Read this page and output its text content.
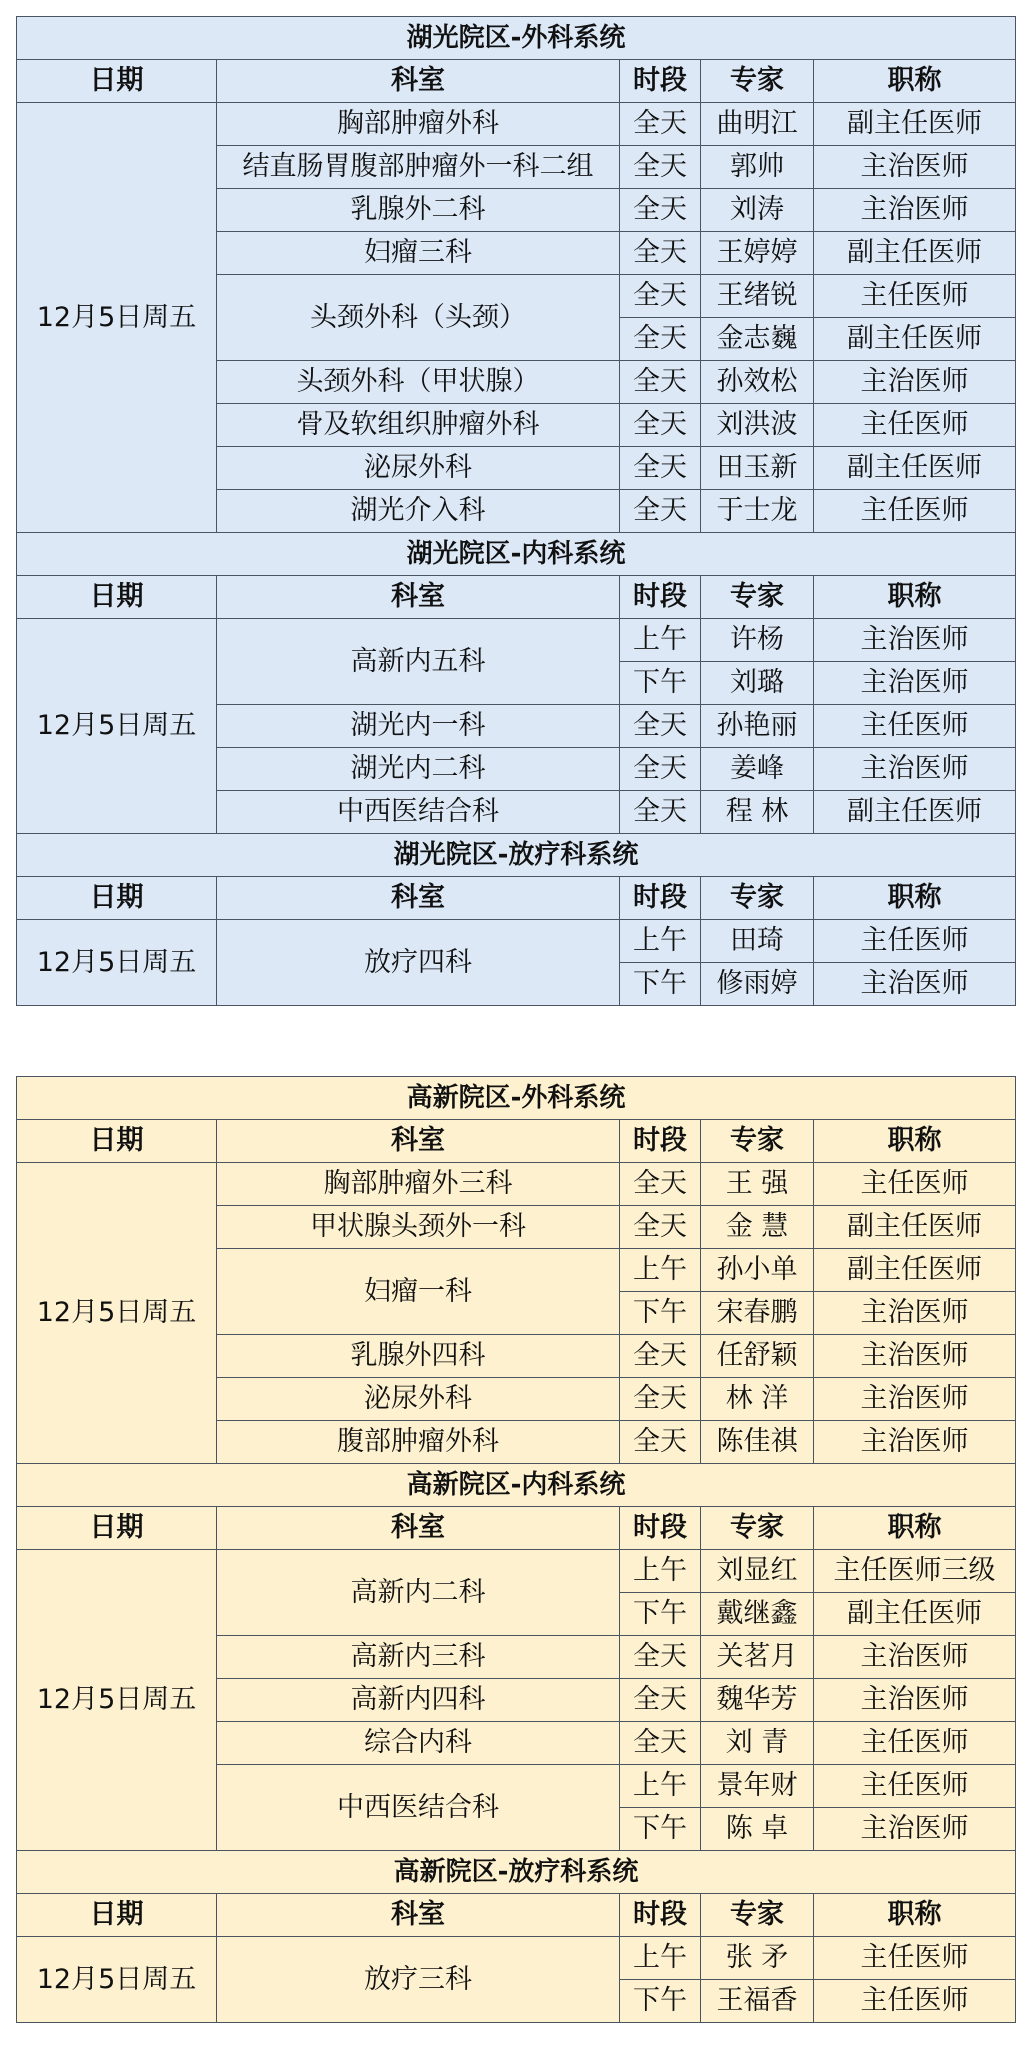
湖光院区-外科系统				
日期	科室	时段	专家	职称
12月5日周五	胸部肿瘤外科	全天	曲明江	副主任医师
	结直肠胃腹部肿瘤外一科二组	全天	郭帅	主治医师
	乳腺外二科	全天	刘涛	主治医师
	妇瘤三科	全天	王婷婷	副主任医师
	头颈外科（头颈）	全天	王绪锐	主任医师
		全天	金志巍	副主任医师
	头颈外科（甲状腺）	全天	孙效松	主治医师
	骨及软组织肿瘤外科	全天	刘洪波	主任医师
	泌尿外科	全天	田玉新	副主任医师
	湖光介入科	全天	于士龙	主任医师
湖光院区-内科系统				
日期	科室	时段	专家	职称
12月5日周五	高新内五科	上午	许杨	主治医师
		下午	刘璐	主治医师
	湖光内一科	全天	孙艳丽	主任医师
	湖光内二科	全天	姜峰	主治医师
	中西医结合科	全天	程 林	副主任医师
湖光院区-放疗科系统				
日期	科室	时段	专家	职称
12月5日周五	放疗四科	上午	田琦	主任医师
		下午	修雨婷	主治医师
高新院区-外科系统				
日期	科室	时段	专家	职称
12月5日周五	胸部肿瘤外三科	全天	王 强	主任医师
	甲状腺头颈外一科	全天	金 慧	副主任医师
	妇瘤一科	上午	孙小单	副主任医师
		下午	宋春鹏	主治医师
	乳腺外四科	全天	任舒颖	主治医师
	泌尿外科	全天	林 洋	主治医师
	腹部肿瘤外科	全天	陈佳祺	主治医师
高新院区-内科系统				
日期	科室	时段	专家	职称
12月5日周五	高新内二科	上午	刘显红	主任医师三级
		下午	戴继鑫	副主任医师
	高新内三科	全天	关茗月	主治医师
	高新内四科	全天	魏华芳	主治医师
	综合内科	全天	刘 青	主任医师
	中西医结合科	上午	景年财	主任医师
		下午	陈 卓	主治医师
高新院区-放疗科系统				
日期	科室	时段	专家	职称
12月5日周五	放疗三科	上午	张 矛	主任医师
		下午	王福香	主任医师
